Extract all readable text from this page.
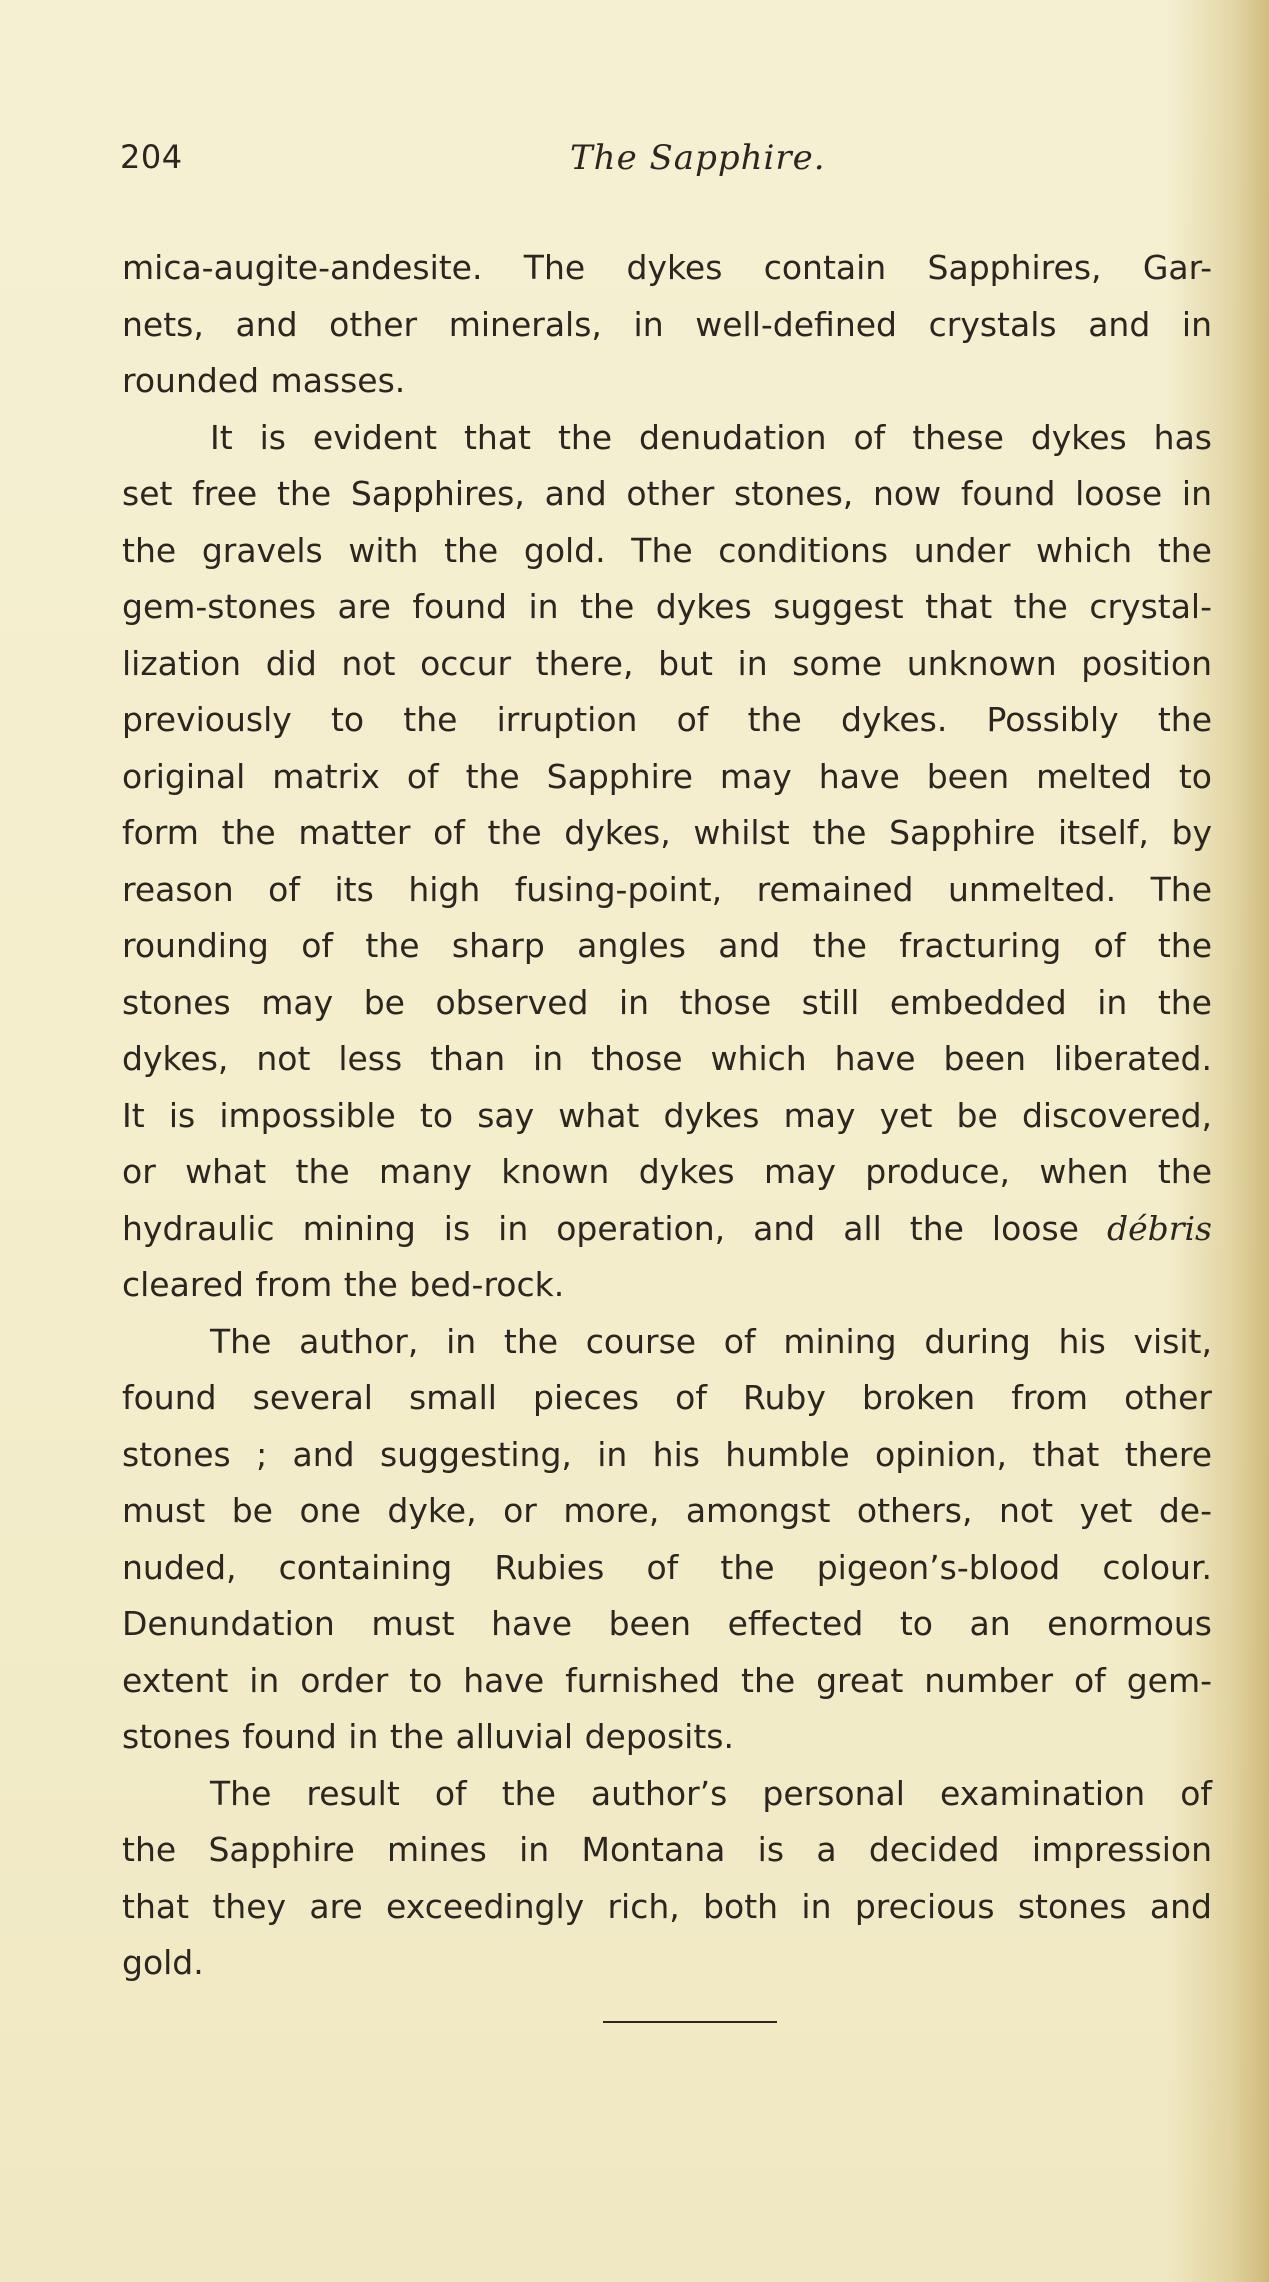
204	The Sapphire.
mica-augite-andesite. The dykes contain Sapphires, Gar-
nets, and other minerals, in well-defined crystals and in
rounded masses.
It is evident that the denudation of these dykes has
set free the Sapphires, and other stones, now found loose in
the gravels with the gold. The conditions under which the
gem-stones are found in the dykes suggest that the crystal-
lization did not occur there, but in some unknown position
previously to the irruption of the dykes. Possibly the
original matrix of the Sapphire may have been melted to
form the matter of the dykes, whilst the Sapphire itself, by
reason of its high fusing-point, remained unmelted. The
rounding of the sharp angles and the fracturing of the
stones may be observed in those still embedded in the
dykes, not less than in those which have been liberated.
It is impossible to say what dykes may yet be discovered,
or what the many known dykes may produce, when the
hydraulic mining is in operation, and all the loose débris
cleared from the bed-rock.
The author, in the course of mining during his visit,
found several small pieces of Ruby broken from other
stones ; and suggesting, in his humble opinion, that there
must be one dyke, or more, amongst others, not yet de-
nuded, containing Rubies of the pigeon’s-blood colour.
Denundation must have been effected to an enormous
extent in order to have furnished the great number of gem-
stones found in the alluvial deposits.
The result of the author’s personal examination of
the Sapphire mines in Montana is a decided impression
that they are exceedingly rich, both in precious stones and
gold.
